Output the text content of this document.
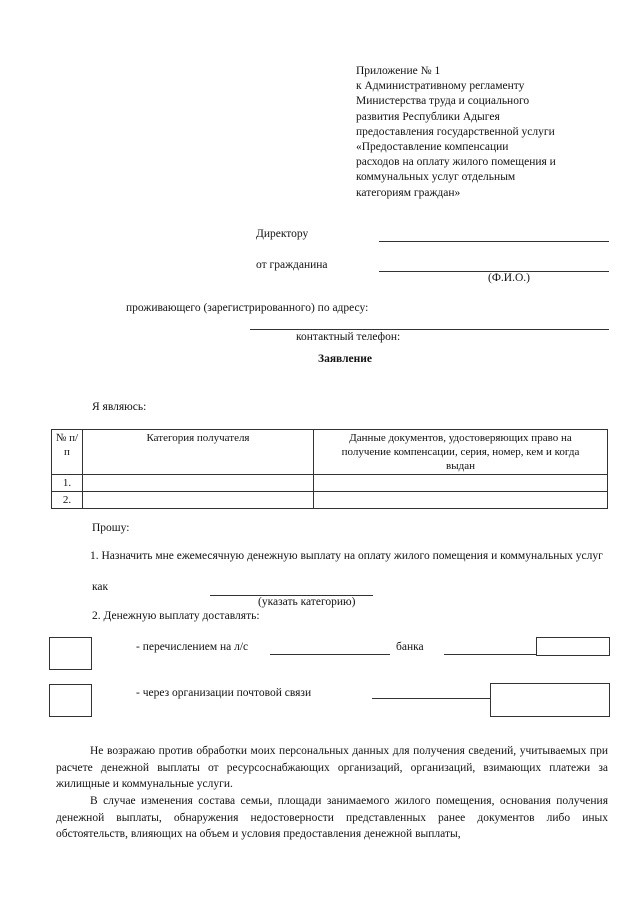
Приложение № 1
к Административному регламенту
Министерства труда и социального
развития Республики Адыгея
предоставления государственной услуги
«Предоставление компенсации
расходов на оплату жилого помещения и
коммунальных услуг отдельным
категориям граждан»
Директору
от гражданина
(Ф.И.О.)
проживающего (зарегистрированного) по адресу:
контактный телефон:
Заявление
Я являюсь:
№ п/п	Категория получателя	Данные документов, удостоверяющих право на получение компенсации, серия, номер, кем и когда выдан
1.		
2.		
Прошу:
1. Назначить мне ежемесячную денежную выплату на оплату жилого помещения и коммунальных услуг
как
(указать категорию)
2. Денежную выплату доставлять:
- перечислением на л/с	банка
- через организации почтовой связи
Не возражаю против обработки моих персональных данных для получения сведений, учитываемых при расчете денежной выплаты от ресурсоснабжающих организаций, организаций, взимающих платежи за жилищные и коммунальные услуги.
В случае изменения состава семьи, площади занимаемого жилого помещения, основания получения денежной выплаты, обнаружения недостоверности представленных ранее документов либо иных обстоятельств, влияющих на объем и условия предоставления денежной выплаты,
